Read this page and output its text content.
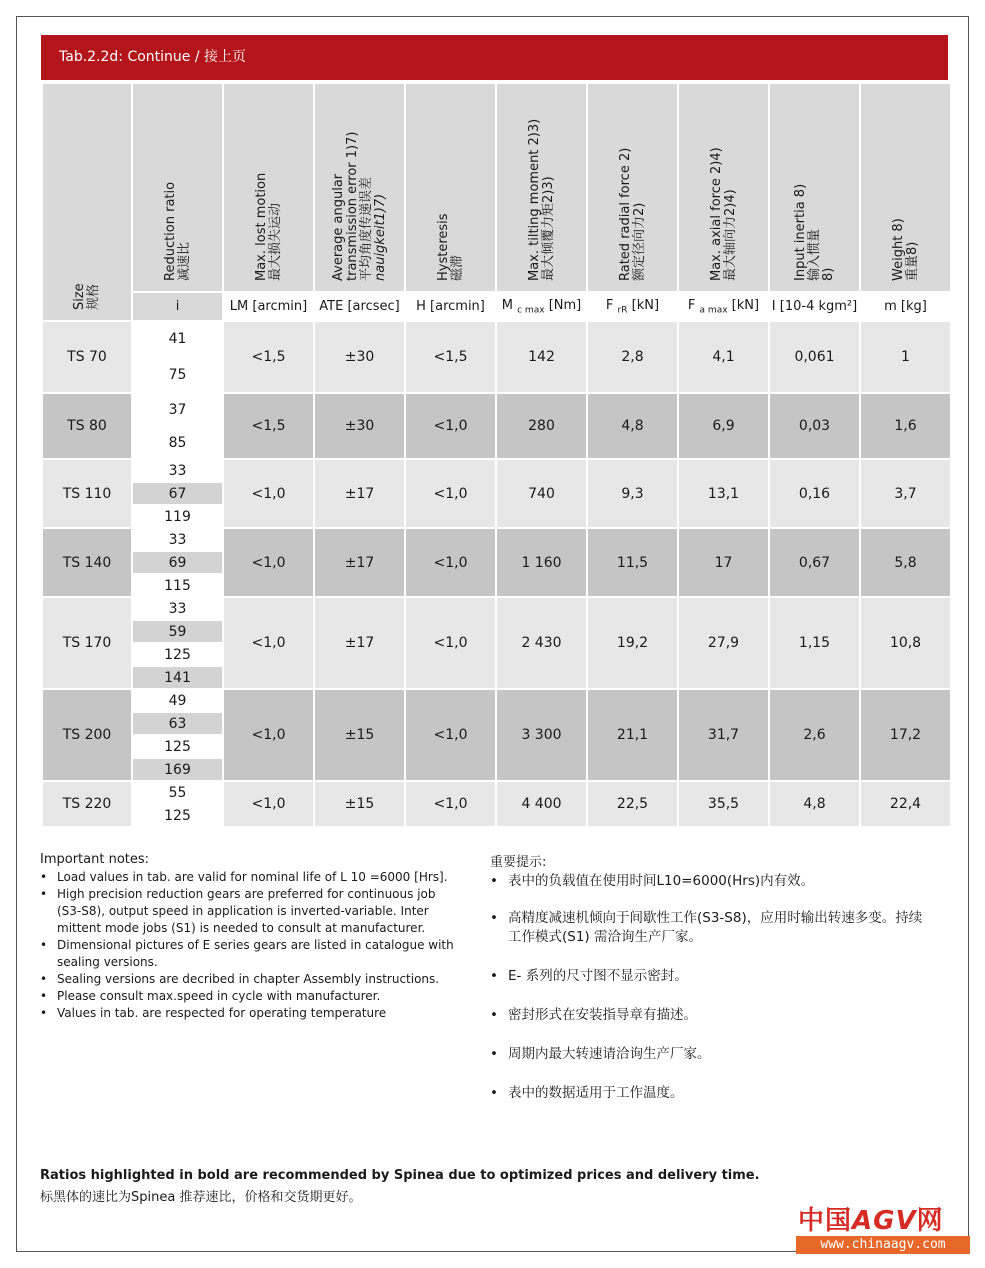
Tab.2.2d: Continue / 接上页
Size 规格	Reduction ratio 减速比	Max. lost motion 最大损失运动	Average angular transmission error 1)7) 平均角度传递误差 nauigkeit1)7)	Hysteresis 磁滞	Max. tilting moment 2)3) 最大倾覆力矩2)3)	Rated radial force 2) 额定径向力2)	Max. axial force 2)4) 最大轴向力2)4)	Input inertia 8) 输入惯量 8)	Weight 8) 重量8)

	i	LM [arcmin]	ATE [arcsec]	H [arcmin]	M $_{c max}$ [Nm]	F $_{rR}$ [kN]	F $_{a max}$ [kN]	I [10-4 kgm²]	m [kg]
TS 70	41	<1,5	±30	<1,5	142	2,8	4,1	0,061	1
	75								
TS 80	37	<1,5	±30	<1,0	280	4,8	6,9	0,03	1,6
	85								
TS 110	33	<1,0	±17	<1,0	740	9,3	13,1	0,16	3,7
	67								
	119								
TS 140	33	<1,0	±17	<1,0	1 160	11,5	17	0,67	5,8
	69								
	115								
TS 170	33	<1,0	±17	<1,0	2 430	19,2	27,9	1,15	10,8
	59								
	125								
	141								
TS 200	49	<1,0	±15	<1,0	3 300	21,1	31,7	2,6	17,2
	63								
	125								
	169								
TS 220	55	<1,0	±15	<1,0	4 400	22,5	35,5	4,8	22,4
	125								
Important notes:
• Load values in tab. are valid for nominal life of L 10 =6000 [Hrs].
• High precision reduction gears are preferred for continuous job (S3-S8), output speed in application is inverted-variable. Inter mittent mode jobs (S1) is needed to consult at manufacturer.
• Dimensional pictures of E series gears are listed in catalogue with sealing versions.
• Sealing versions are decribed in chapter Assembly instructions.
• Please consult max.speed in cycle with manufacturer.
• Values in tab. are respected for operating temperature
重要提示:
• 表中的负载值在使用时间L10=6000(Hrs)内有效。
• 高精度减速机倾向于间歇性工作(S3-S8)，应用时输出转速多变。持续工作模式(S1) 需洽询生产厂家。
• E- 系列的尺寸图不显示密封。
• 密封形式在安装指导章有描述。
• 周期内最大转速请洽询生产厂家。
• 表中的数据适用于工作温度。
Ratios highlighted in bold are recommended by Spinea due to optimized prices and delivery time.
标黑体的速比为Spinea 推荐速比，价格和交货期更好。
中国AGV网
www.chinaagv.com
